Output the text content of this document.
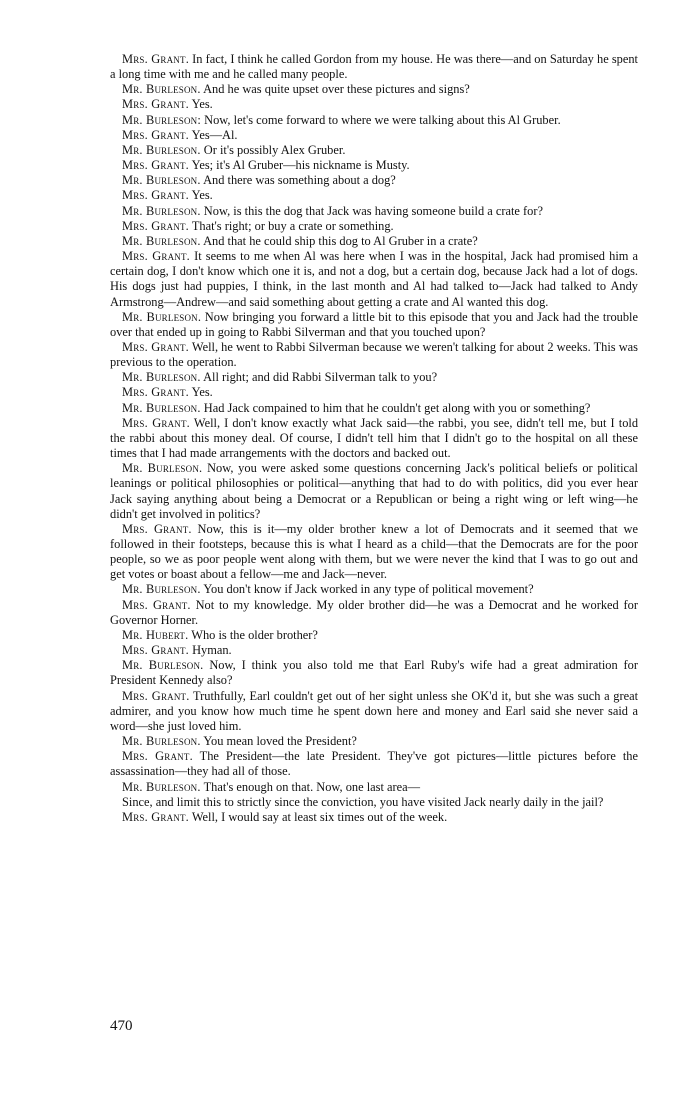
Mrs. Grant. In fact, I think he called Gordon from my house. He was there—and on Saturday he spent a long time with me and he called many people.

Mr. Burleson. And he was quite upset over these pictures and signs?

Mrs. Grant. Yes.

Mr. Burleson: Now, let's come forward to where we were talking about this Al Gruber.

Mrs. Grant. Yes—Al.

Mr. Burleson. Or it's possibly Alex Gruber.

Mrs. Grant. Yes; it's Al Gruber—his nickname is Musty.

Mr. Burleson. And there was something about a dog?

Mrs. Grant. Yes.

Mr. Burleson. Now, is this the dog that Jack was having someone build a crate for?

Mrs. Grant. That's right; or buy a crate or something.

Mr. Burleson. And that he could ship this dog to Al Gruber in a crate?

Mrs. Grant. It seems to me when Al was here when I was in the hospital, Jack had promised him a certain dog, I don't know which one it is, and not a dog, but a certain dog, because Jack had a lot of dogs. His dogs just had puppies, I think, in the last month and Al had talked to—Jack had talked to Andy Armstrong—Andrew—and said something about getting a crate and Al wanted this dog.

Mr. Burleson. Now bringing you forward a little bit to this episode that you and Jack had the trouble over that ended up in going to Rabbi Silverman and that you touched upon?

Mrs. Grant. Well, he went to Rabbi Silverman because we weren't talking for about 2 weeks. This was previous to the operation.

Mr. Burleson. All right; and did Rabbi Silverman talk to you?

Mrs. Grant. Yes.

Mr. Burleson. Had Jack compained to him that he couldn't get along with you or something?

Mrs. Grant. Well, I don't know exactly what Jack said—the rabbi, you see, didn't tell me, but I told the rabbi about this money deal. Of course, I didn't tell him that I didn't go to the hospital on all these times that I had made arrangements with the doctors and backed out.

Mr. Burleson. Now, you were asked some questions concerning Jack's political beliefs or political leanings or political philosophies or political—anything that had to do with politics, did you ever hear Jack saying anything about being a Democrat or a Republican or being a right wing or left wing—he didn't get involved in politics?

Mrs. Grant. Now, this is it—my older brother knew a lot of Democrats and it seemed that we followed in their footsteps, because this is what I heard as a child—that the Democrats are for the poor people, so we as poor people went along with them, but we were never the kind that I was to go out and get votes or boast about a fellow—me and Jack—never.

Mr. Burleson. You don't know if Jack worked in any type of political movement?

Mrs. Grant. Not to my knowledge. My older brother did—he was a Democrat and he worked for Governor Horner.

Mr. Hubert. Who is the older brother?

Mrs. Grant. Hyman.

Mr. Burleson. Now, I think you also told me that Earl Ruby's wife had a great admiration for President Kennedy also?

Mrs. Grant. Truthfully, Earl couldn't get out of her sight unless she OK'd it, but she was such a great admirer, and you know how much time he spent down here and money and Earl said she never said a word—she just loved him.

Mr. Burleson. You mean loved the President?

Mrs. Grant. The President—the late President. They've got pictures—little pictures before the assassination—they had all of those.

Mr. Burleson. That's enough on that. Now, one last area—

Since, and limit this to strictly since the conviction, you have visited Jack nearly daily in the jail?

Mrs. Grant. Well, I would say at least six times out of the week.

470
